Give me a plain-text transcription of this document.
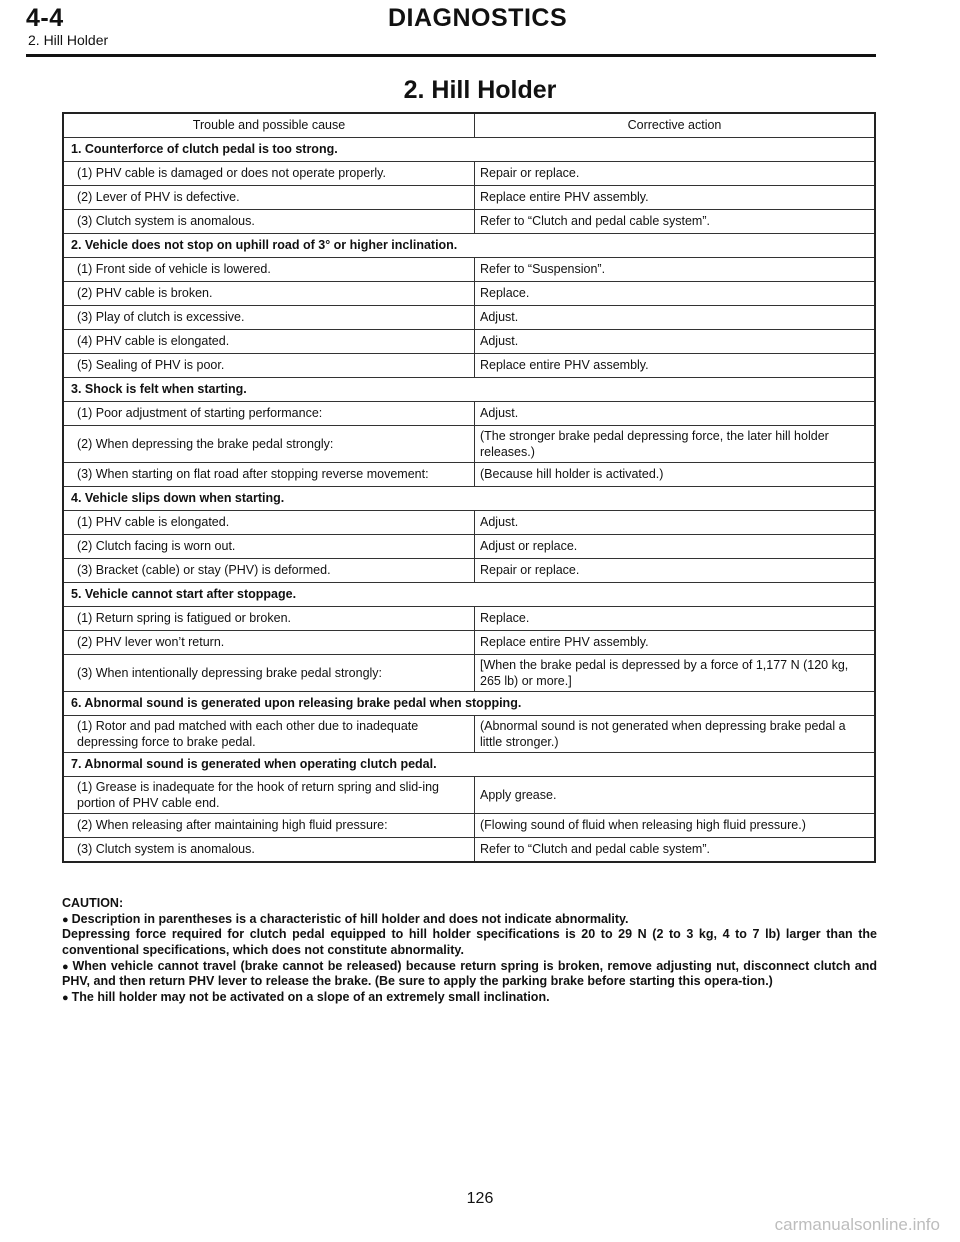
4-4	DIAGNOSTICS
2. Hill Holder
2. Hill Holder
Trouble and possible cause	Corrective action
1. Counterforce of clutch pedal is too strong.	
(1) PHV cable is damaged or does not operate properly.	Repair or replace.
(2) Lever of PHV is defective.	Replace entire PHV assembly.
(3) Clutch system is anomalous.	Refer to “Clutch and pedal cable system”.
2. Vehicle does not stop on uphill road of 3° or higher inclination.	
(1) Front side of vehicle is lowered.	Refer to “Suspension”.
(2) PHV cable is broken.	Replace.
(3) Play of clutch is excessive.	Adjust.
(4) PHV cable is elongated.	Adjust.
(5) Sealing of PHV is poor.	Replace entire PHV assembly.
3. Shock is felt when starting.	
(1) Poor adjustment of starting performance:	Adjust.
(2) When depressing the brake pedal strongly:	(The stronger brake pedal depressing force, the later hill holder releases.)
(3) When starting on flat road after stopping reverse movement:	(Because hill holder is activated.)
4. Vehicle slips down when starting.	
(1) PHV cable is elongated.	Adjust.
(2) Clutch facing is worn out.	Adjust or replace.
(3) Bracket (cable) or stay (PHV) is deformed.	Repair or replace.
5. Vehicle cannot start after stoppage.	
(1) Return spring is fatigued or broken.	Replace.
(2) PHV lever won’t return.	Replace entire PHV assembly.
(3) When intentionally depressing brake pedal strongly:	[When the brake pedal is depressed by a force of 1,177 N (120 kg, 265 lb) or more.]
6. Abnormal sound is generated upon releasing brake pedal when stopping.	
(1) Rotor and pad matched with each other due to inadequate depressing force to brake pedal.	(Abnormal sound is not generated when depressing brake pedal a little stronger.)
7. Abnormal sound is generated when operating clutch pedal.	
(1) Grease is inadequate for the hook of return spring and slid-ing portion of PHV cable end.	Apply grease.
(2) When releasing after maintaining high fluid pressure:	(Flowing sound of fluid when releasing high fluid pressure.)
(3) Clutch system is anomalous.	Refer to “Clutch and pedal cable system”.

CAUTION:

● Description in parentheses is a characteristic of hill holder and does not indicate abnormality.

Depressing force required for clutch pedal equipped to hill holder specifications is 20 to 29 N (2 to 3 kg, 4 to 7 lb) larger than the conventional specifications, which does not constitute abnormality.

● When vehicle cannot travel (brake cannot be released) because return spring is broken, remove adjusting nut, disconnect clutch and PHV, and then return PHV lever to release the brake. (Be sure to apply the parking brake before starting this opera-tion.)

● The hill holder may not be activated on a slope of an extremely small inclination.

126
carmanualsonline.info
